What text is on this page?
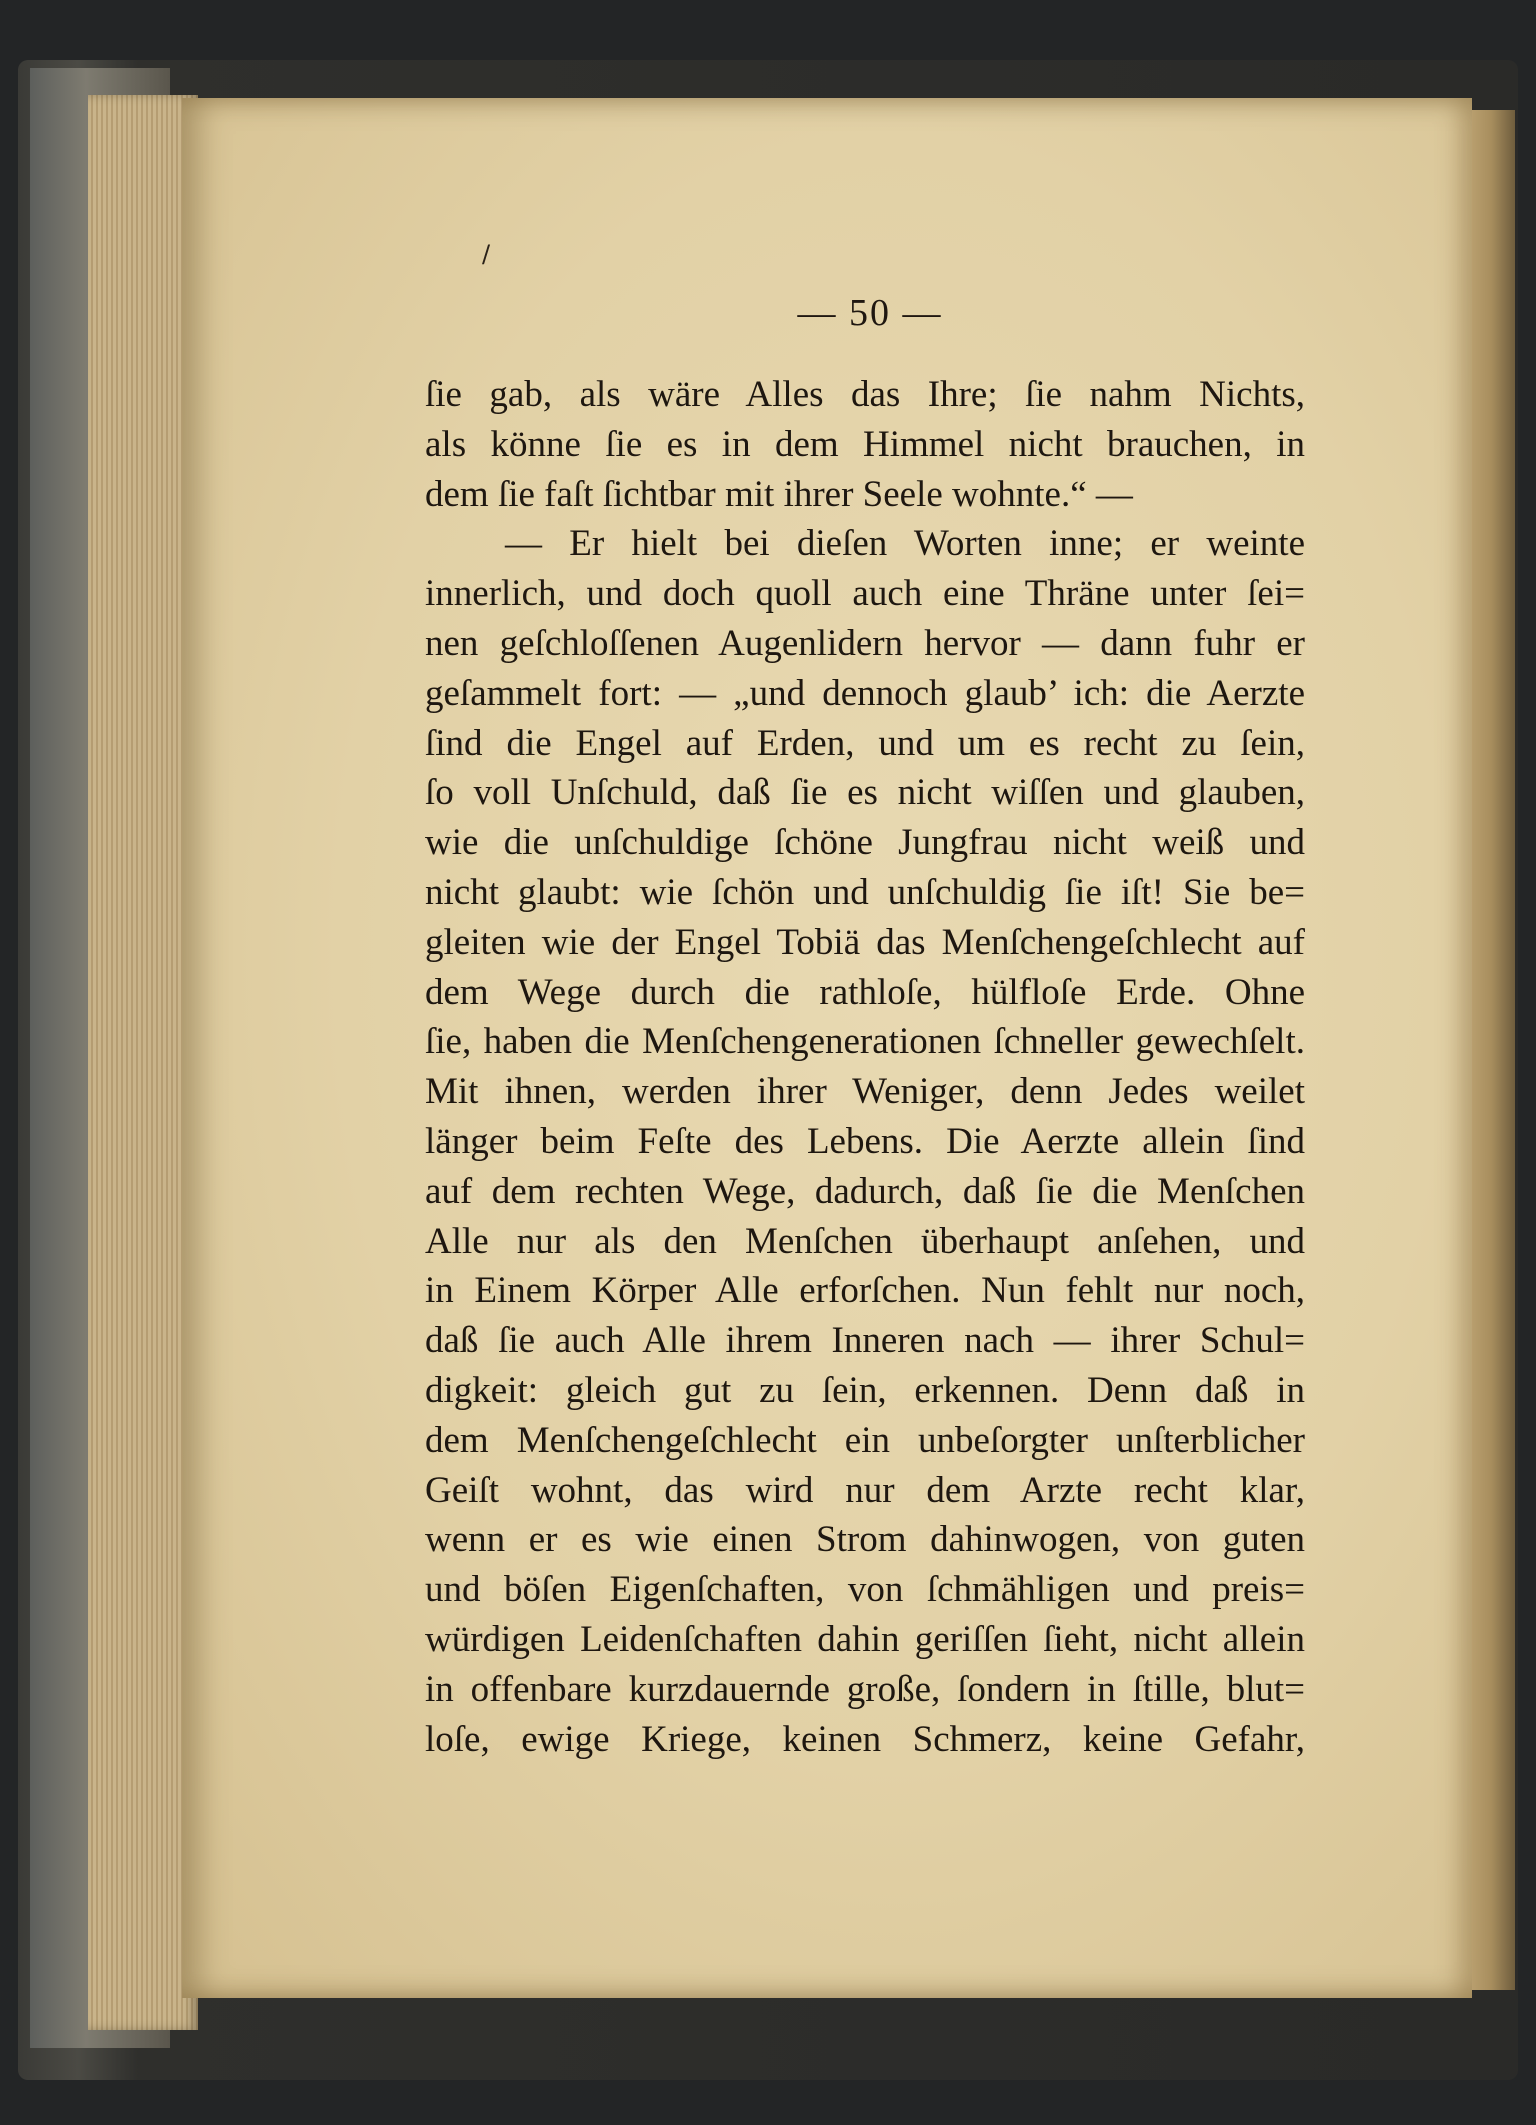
/
— 50 —
ſie gab, als wäre Alles das Ihre; ſie nahm Nichts,
als könne ſie es in dem Himmel nicht brauchen, in
dem ſie faſt ſichtbar mit ihrer Seele wohnte.“ —
— Er hielt bei dieſen Worten inne; er weinte
innerlich, und doch quoll auch eine Thräne unter ſei=
nen geſchloſſenen Augenlidern hervor — dann fuhr er
geſammelt fort: — „und dennoch glaub’ ich: die Aerzte
ſind die Engel auf Erden, und um es recht zu ſein,
ſo voll Unſchuld, daß ſie es nicht wiſſen und glauben,
wie die unſchuldige ſchöne Jungfrau nicht weiß und
nicht glaubt: wie ſchön und unſchuldig ſie iſt! Sie be=
gleiten wie der Engel Tobiä das Menſchengeſchlecht auf
dem Wege durch die rathloſe, hülfloſe Erde. Ohne
ſie, haben die Menſchengenerationen ſchneller gewechſelt.
Mit ihnen, werden ihrer Weniger, denn Jedes weilet
länger beim Feſte des Lebens. Die Aerzte allein ſind
auf dem rechten Wege, dadurch, daß ſie die Menſchen
Alle nur als den Menſchen überhaupt anſehen, und
in Einem Körper Alle erforſchen. Nun fehlt nur noch,
daß ſie auch Alle ihrem Inneren nach — ihrer Schul=
digkeit: gleich gut zu ſein, erkennen. Denn daß in
dem Menſchengeſchlecht ein unbeſorgter unſterblicher
Geiſt wohnt, das wird nur dem Arzte recht klar,
wenn er es wie einen Strom dahinwogen, von guten
und böſen Eigenſchaften, von ſchmähligen und preis=
würdigen Leidenſchaften dahin geriſſen ſieht, nicht allein
in offenbare kurzdauernde große, ſondern in ſtille, blut=
loſe, ewige Kriege, keinen Schmerz, keine Gefahr,
